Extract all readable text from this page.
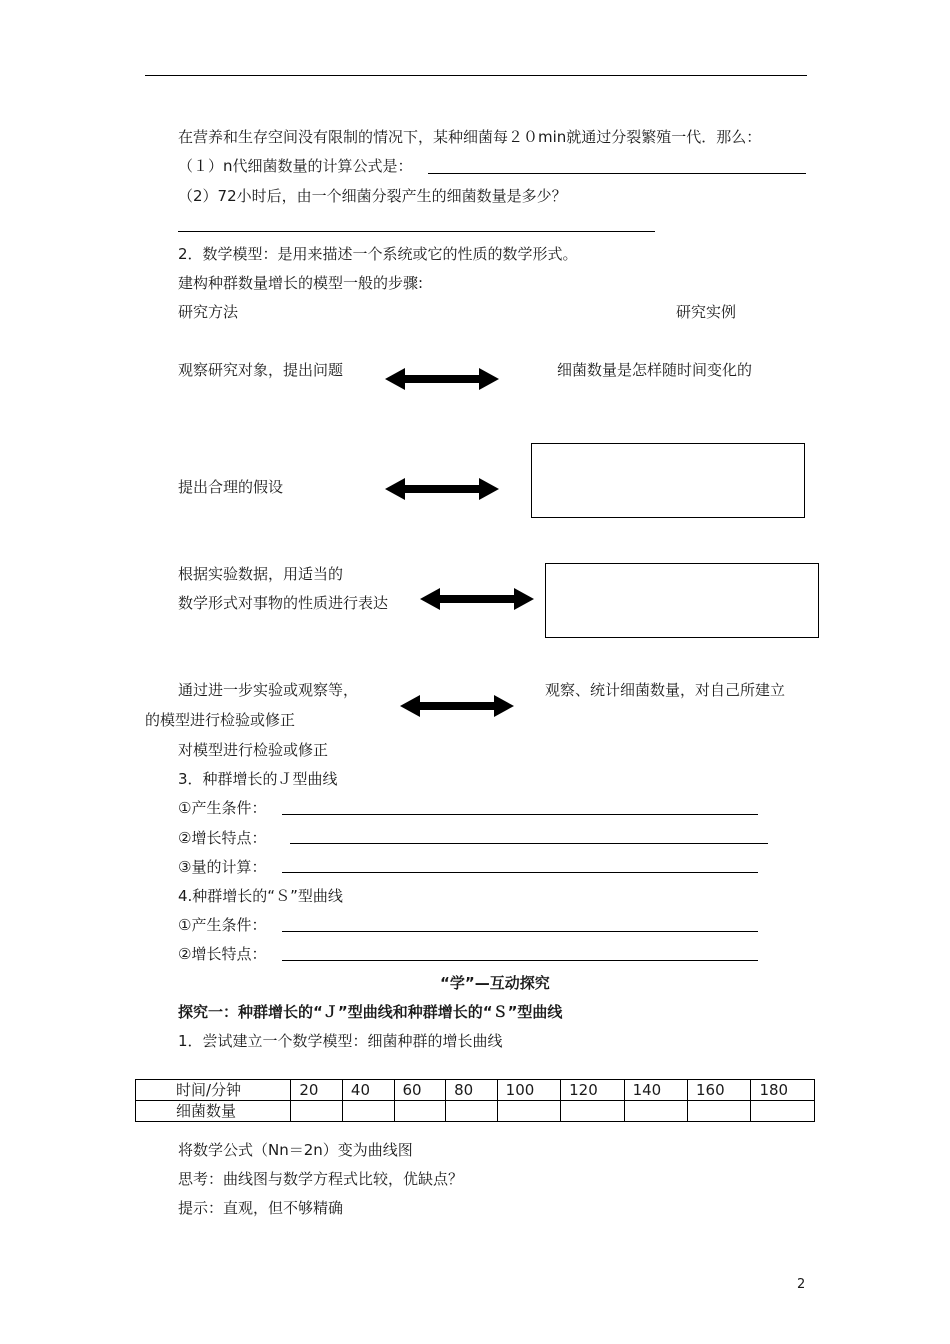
在营养和生存空间没有限制的情况下，某种细菌每２０min就通过分裂繁殖一代．那么：
（１）n代细菌数量的计算公式是：
（2）72小时后，由一个细菌分裂产生的细菌数量是多少？
2．数学模型：是用来描述一个系统或它的性质的数学形式。
建构种群数量增长的模型一般的步骤:
研究方法	研究实例
观察研究对象，提出问题	细菌数量是怎样随时间变化的
提出合理的假设
根据实验数据，用适当的
数学形式对事物的性质进行表达
通过进一步实验或观察等，	观察、统计细菌数量，对自己所建立
的模型进行检验或修正
对模型进行检验或修正
3．种群增长的Ｊ型曲线
①产生条件：
②增长特点：
③量的计算：
4.种群增长的“Ｓ”型曲线
①产生条件：
②增长特点：
“学”—互动探究
探究一：种群增长的“Ｊ”型曲线和种群增长的“Ｓ”型曲线
1．尝试建立一个数学模型：细菌种群的增长曲线
时间/分钟	20	40	60	80	100	120	140	160	180
细菌数量									
将数学公式（Nn＝2n）变为曲线图
思考：曲线图与数学方程式比较，优缺点？
提示：直观，但不够精确
2
